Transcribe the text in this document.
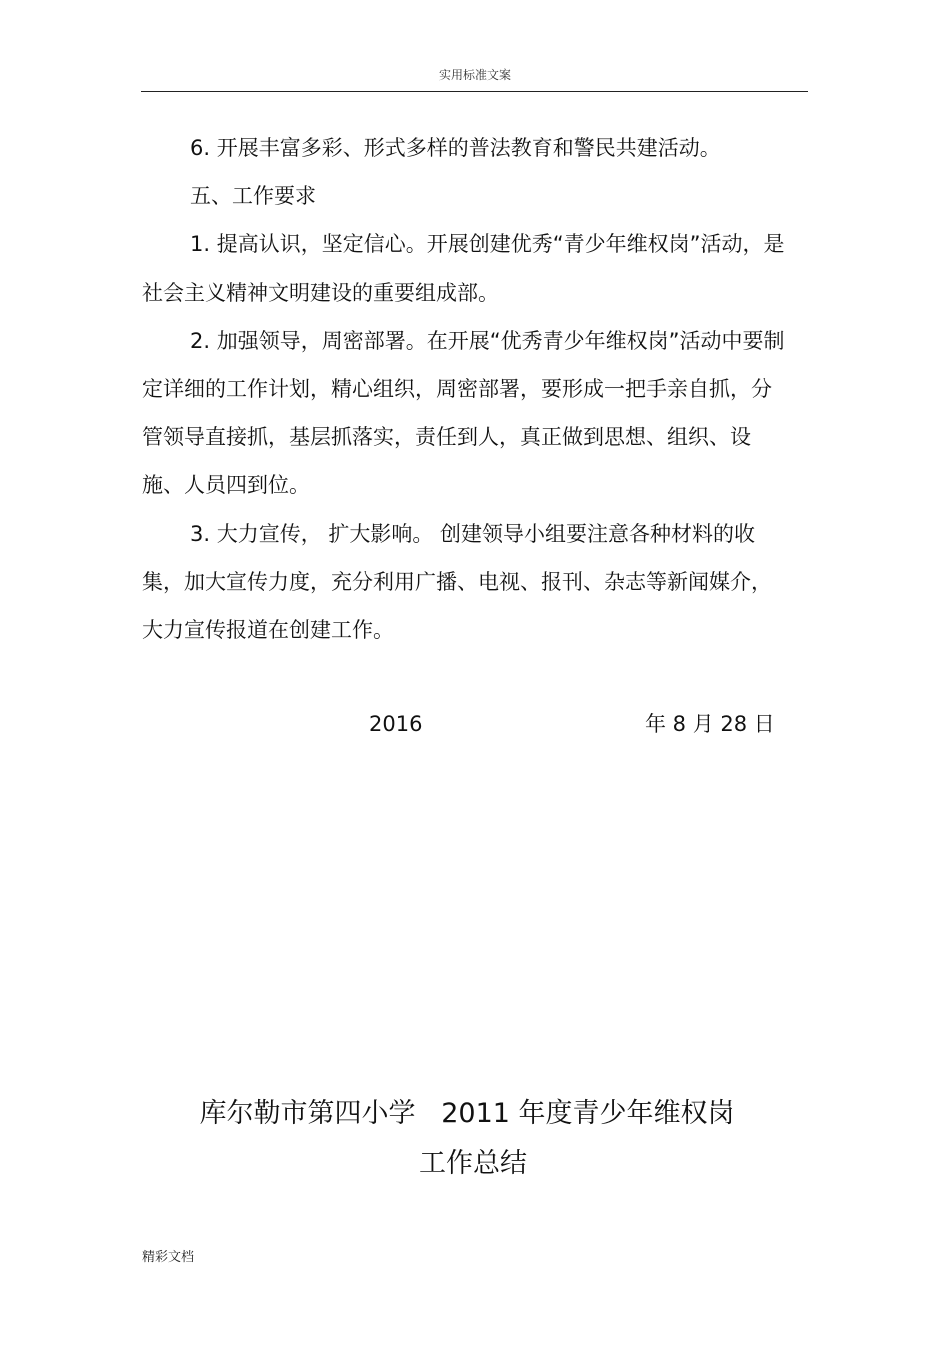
实用标准文案

6. 开展丰富多彩、形式多样的普法教育和警民共建活动。

五、工作要求

1. 提高认识，坚定信心。开展创建优秀“青少年维权岗”活动，是社会主义精神文明建设的重要组成部。

2. 加强领导，周密部署。在开展“优秀青少年维权岗”活动中要制定详细的工作计划，精心组织，周密部署，要形成一把手亲自抓，分管领导直接抓，基层抓落实，责任到人，真正做到思想、组织、设施、人员四到位。

3. 大力宣传， 扩大影响。 创建领导小组要注意各种材料的收集，加大宣传力度，充分利用广播、电视、报刊、杂志等新闻媒介，大力宣传报道在创建工作。

2016	年 8 月 28 日
库尔勒市第四小学   2011 年度青少年维权岗
工作总结
精彩文档
